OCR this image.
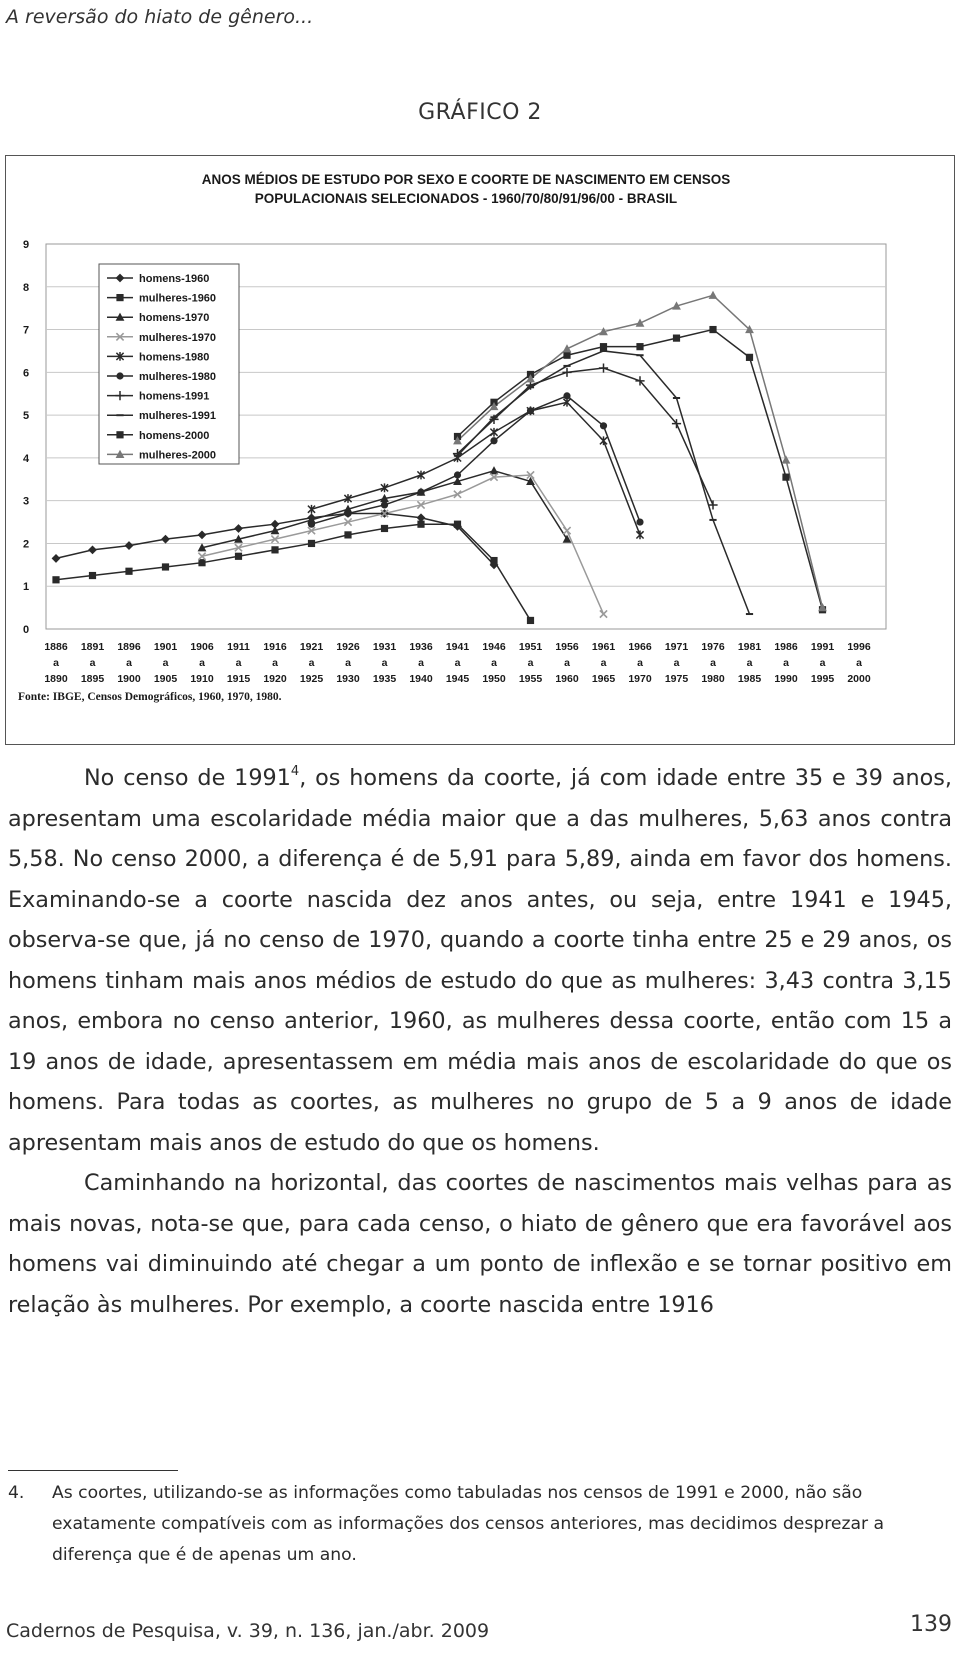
A reversão do hiato de gênero...
GRÁFICO 2
ANOS MÉDIOS DE ESTUDO POR SEXO E COORTE DE NASCIMENTO EM CENSOS
POPULACIONAIS SELECIONADOS - 1960/70/80/91/96/00 - BRASIL
0
1
2
3
4
5
6
7
8
9
1886
a
1890
1891
a
1895
1896
a
1900
1901
a
1905
1906
a
1910
1911
a
1915
1916
a
1920
1921
a
1925
1926
a
1930
1931
a
1935
1936
a
1940
1941
a
1945
1946
a
1950
1951
a
1955
1956
a
1960
1961
a
1965
1966
a
1970
1971
a
1975
1976
a
1980
1981
a
1985
1986
a
1990
1991
a
1995
1996
a
2000
homens-1960
mulheres-1960
homens-1970
mulheres-1970
homens-1980
mulheres-1980
homens-1991
mulheres-1991
homens-2000
mulheres-2000
Fonte: IBGE, Censos Demográficos, 1960, 1970, 1980.

No censo de 1991$^4$, os homens da coorte, já com idade entre 35 e 39 anos, apresentam uma escolaridade média maior que a das mulheres, 5,63 anos contra 5,58. No censo 2000, a diferença é de 5,91 para 5,89, ainda em favor dos homens. Examinando-se a coorte nascida dez anos antes, ou seja, entre 1941 e 1945, observa-se que, já no censo de 1970, quando a coorte tinha entre 25 e 29 anos, os homens tinham mais anos médios de estudo do que as mulheres: 3,43 contra 3,15 anos, embora no censo anterior, 1960, as mulheres dessa coorte, então com 15 a 19 anos de idade, apresentassem em média mais anos de escolaridade do que os homens. Para todas as coortes, as mulheres no grupo de 5 a 9 anos de idade apresentam mais anos de estudo do que os homens.

Caminhando na horizontal, das coortes de nascimentos mais velhas para as mais novas, nota-se que, para cada censo, o hiato de gênero que era favorável aos homens vai diminuindo até chegar a um ponto de inflexão e se tornar positivo em relação às mulheres. Por exemplo, a coorte nascida entre 1916

4. As coortes, utilizando-se as informações como tabuladas nos censos de 1991 e 2000, não são exatamente compatíveis com as informações dos censos anteriores, mas decidimos desprezar a diferença que é de apenas um ano.
Cadernos de Pesquisa, v. 39, n. 136, jan./abr. 2009	139
